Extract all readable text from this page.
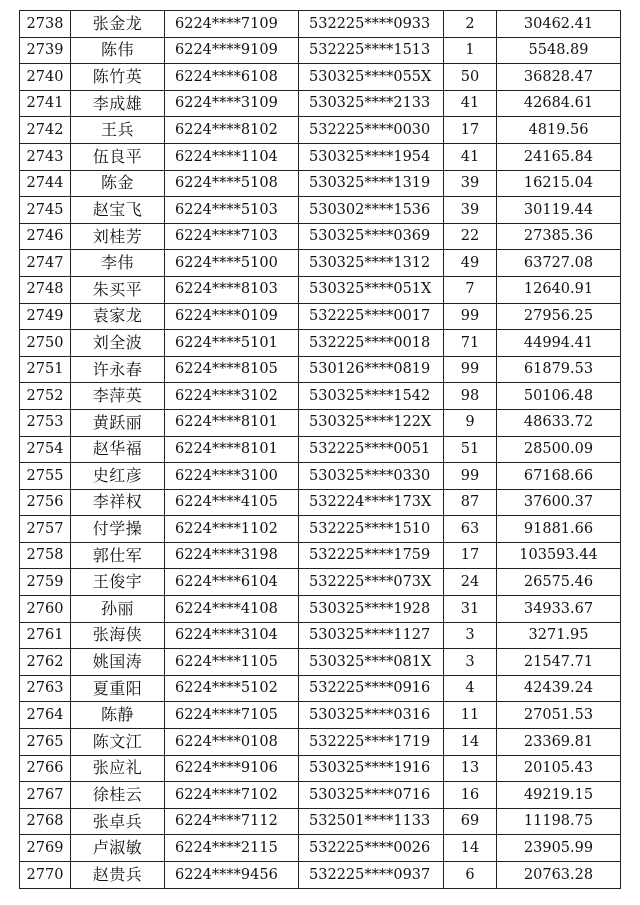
2738	张金龙	6224****7109	532225****0933	2	30462.41
2739	陈伟	6224****9109	532225****1513	1	5548.89
2740	陈竹英	6224****6108	530325****055X	50	36828.47
2741	李成雄	6224****3109	530325****2133	41	42684.61
2742	王兵	6224****8102	532225****0030	17	4819.56
2743	伍良平	6224****1104	530325****1954	41	24165.84
2744	陈金	6224****5108	530325****1319	39	16215.04
2745	赵宝飞	6224****5103	530302****1536	39	30119.44
2746	刘桂芳	6224****7103	530325****0369	22	27385.36
2747	李伟	6224****5100	530325****1312	49	63727.08
2748	朱买平	6224****8103	530325****051X	7	12640.91
2749	袁家龙	6224****0109	532225****0017	99	27956.25
2750	刘全波	6224****5101	532225****0018	71	44994.41
2751	许永春	6224****8105	530126****0819	99	61879.53
2752	李萍英	6224****3102	530325****1542	98	50106.48
2753	黄跃丽	6224****8101	530325****122X	9	48633.72
2754	赵华福	6224****8101	532225****0051	51	28500.09
2755	史红彦	6224****3100	530325****0330	99	67168.66
2756	李祥权	6224****4105	532224****173X	87	37600.37
2757	付学操	6224****1102	532225****1510	63	91881.66
2758	郭仕军	6224****3198	532225****1759	17	103593.44
2759	王俊宇	6224****6104	532225****073X	24	26575.46
2760	孙丽	6224****4108	530325****1928	31	34933.67
2761	张海侠	6224****3104	530325****1127	3	3271.95
2762	姚国涛	6224****1105	530325****081X	3	21547.71
2763	夏重阳	6224****5102	532225****0916	4	42439.24
2764	陈静	6224****7105	530325****0316	11	27051.53
2765	陈文江	6224****0108	532225****1719	14	23369.81
2766	张应礼	6224****9106	530325****1916	13	20105.43
2767	徐桂云	6224****7102	530325****0716	16	49219.15
2768	张卓兵	6224****7112	532501****1133	69	11198.75
2769	卢淑敏	6224****2115	532225****0026	14	23905.99
2770	赵贵兵	6224****9456	532225****0937	6	20763.28
